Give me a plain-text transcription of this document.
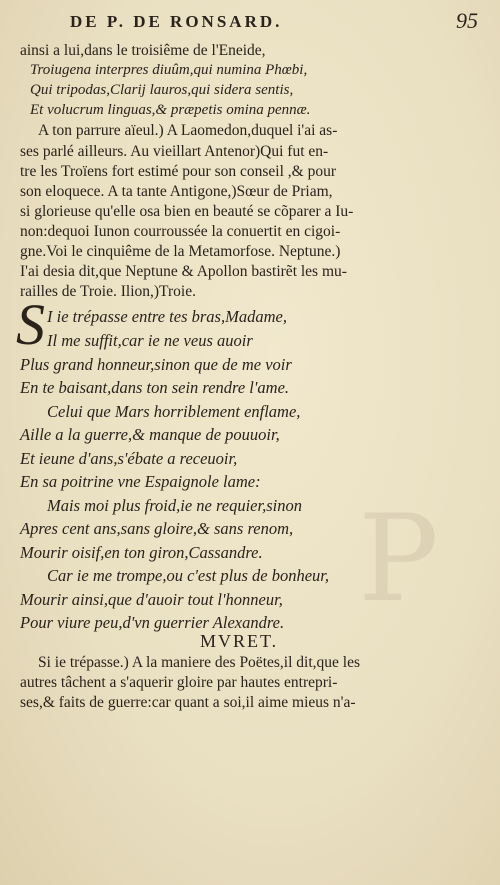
P
DE P. DE RONSARD.	95
ainsi a lui,dans le troisiême de l'Eneide,
Troiugena interpres diuûm,qui numina Phœbi,
Qui tripodas,Clarij lauros,qui sidera sentis,
Et volucrum linguas,& præpetis omina pennæ.
A ton parrure aïeul.) A Laomedon,duquel i'ai as-
ses parlé ailleurs. Au vieillart Antenor)Qui fut en-
tre les Troïens fort estimé pour son conseil ,& pour
son eloquece. A ta tante Antigone,)Sœur de Priam,
si glorieuse qu'elle osa bien en beauté se cõparer a Iu-
non:dequoi Iunon courroussée la conuertit en cigoi-
gne.Voi le cinquiême de la Metamorfose. Neptune.)
I'ai desia dit,que Neptune & Apollon bastirẽt les mu-
railles de Troie. Ilion,)Troie.
S I ie trépasse entre tes bras,Madame,
Il me suffit,car ie ne veus auoir
Plus grand honneur,sinon que de me voir
En te baisant,dans ton sein rendre l'ame.
Celui que Mars horriblement enflame,
Aille a la guerre,& manque de pouuoir,
Et ieune d'ans,s'ébate a receuoir,
En sa poitrine vne Espaignole lame:
Mais moi plus froid,ie ne requier,sinon
Apres cent ans,sans gloire,& sans renom,
Mourir oisif,en ton giron,Cassandre.
Car ie me trompe,ou c'est plus de bonheur,
Mourir ainsi,que d'auoir tout l'honneur,
Pour viure peu,d'vn guerrier Alexandre.
MVRET.
Si ie trépasse.) A la maniere des Poëtes,il dit,que les
autres tâchent a s'aquerir gloire par hautes entrepri-
ses,& faits de guerre:car quant a soi,il aime mieus n'a-
